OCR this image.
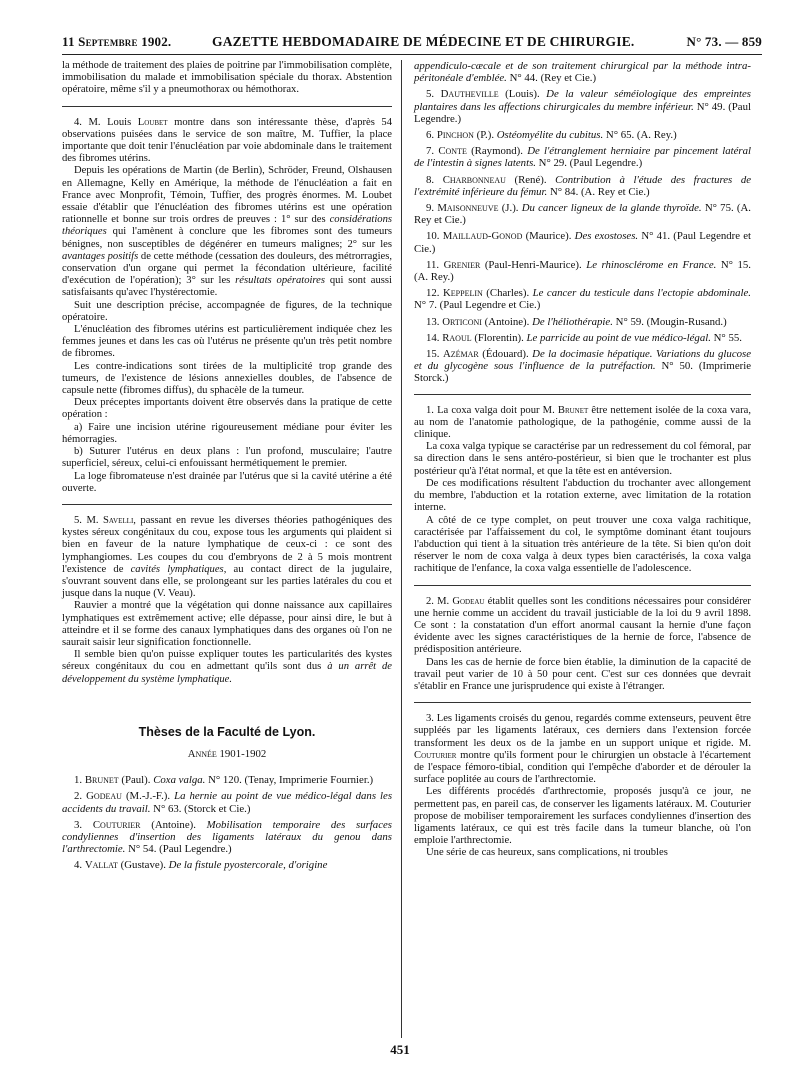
11 Septembre 1902.	GAZETTE HEBDOMADAIRE DE MÉDECINE ET DE CHIRURGIE.	N° 73. — 859

la méthode de traitement des plaies de poitrine par l'immobilisation complète, immobilisation du malade et immobilisation spéciale du thorax. Abstention opératoire, même s'il y a pneumothorax ou hémothorax.

4. M. Louis Loubet montre dans son intéressante thèse, d'après 54 observations puisées dans le service de son maître, M. Tuffier, la place importante que doit tenir l'énucléation par voie abdominale dans le traitement des fibromes utérins.

Depuis les opérations de Martin (de Berlin), Schröder, Freund, Olshausen en Allemagne, Kelly en Amérique, la méthode de l'énucléation a fait en France avec Monprofit, Témoin, Tuffier, des progrès énormes. M. Loubet essaie d'établir que l'énucléation des fibromes utérins est une opération rationnelle et bonne sur trois ordres de preuves : 1° sur des considérations théoriques qui l'amènent à conclure que les fibromes sont des tumeurs bénignes, non susceptibles de dégénérer en tumeurs malignes; 2° sur les avantages positifs de cette méthode (cessation des douleurs, des métrorragies, conservation d'un organe qui permet la fécondation ultérieure, facilité d'exécution de l'opération); 3° sur les résultats opératoires qui sont aussi satisfaisants qu'avec l'hystérectomie.

Suit une description précise, accompagnée de figures, de la technique opératoire.

L'énucléation des fibromes utérins est particulièrement indiquée chez les femmes jeunes et dans les cas où l'utérus ne présente qu'un très petit nombre de fibromes.

Les contre-indications sont tirées de la multiplicité trop grande des tumeurs, de l'existence de lésions annexielles doubles, de l'absence de capsule nette (fibromes diffus), du sphacèle de la tumeur.

Deux préceptes importants doivent être observés dans la pratique de cette opération :

a) Faire une incision utérine rigoureusement médiane pour éviter les hémorragies.

b) Suturer l'utérus en deux plans : l'un profond, musculaire; l'autre superficiel, séreux, celui-ci enfouissant hermétiquement le premier.

La loge fibromateuse n'est drainée par l'utérus que si la cavité utérine a été ouverte.

5. M. Savelli, passant en revue les diverses théories pathogéniques des kystes séreux congénitaux du cou, expose tous les arguments qui plaident si bien en faveur de la nature lymphatique de ceux-ci : ce sont des lymphangiomes. Les coupes du cou d'embryons de 2 à 5 mois montrent l'existence de cavités lymphatiques, au contact direct de la jugulaire, s'ouvrant souvent dans elle, se prolongeant sur les parties latérales du cou et jusque dans la nuque (V. Veau).

Rauvier a montré que la végétation qui donne naissance aux capillaires lymphatiques est extrêmement active; elle dépasse, pour ainsi dire, le but à atteindre et il se forme des canaux lymphatiques dans des organes où l'on ne saurait saisir leur signification fonctionnelle.

Il semble bien qu'on puisse expliquer toutes les particularités des kystes séreux congénitaux du cou en admettant qu'ils sont dus à un arrêt de développement du système lymphatique.

Thèses de la Faculté de Lyon.
Année 1901-1902

1. Brunet (Paul). Coxa valga. N° 120. (Tenay, Imprimerie Fournier.)

2. Godeau (M.-J.-F.). La hernie au point de vue médico-légal dans les accidents du travail. N° 63. (Storck et Cie.)

3. Couturier (Antoine). Mobilisation temporaire des surfaces condyliennes d'insertion des ligaments latéraux du genou dans l'arthrectomie. N° 54. (Paul Legendre.)

4. Vallat (Gustave). De la fistule pyostercorale, d'origine

appendiculo-cæcale et de son traitement chirurgical par la méthode intra-péritonéale d'emblée. N° 44. (Rey et Cie.)

5. Dautheville (Louis). De la valeur séméiologique des empreintes plantaires dans les affections chirurgicales du membre inférieur. N° 49. (Paul Legendre.)

6. Pinchon (P.). Ostéomyélite du cubitus. N° 65. (A. Rey.)

7. Conte (Raymond). De l'étranglement herniaire par pincement latéral de l'intestin à signes latents. N° 29. (Paul Legendre.)

8. Charbonneau (René). Contribution à l'étude des fractures de l'extrémité inférieure du fémur. N° 84. (A. Rey et Cie.)

9. Maisonneuve (J.). Du cancer ligneux de la glande thyroïde. N° 75. (A. Rey et Cie.)

10. Maillaud-Gonod (Maurice). Des exostoses. N° 41. (Paul Legendre et Cie.)

11. Grenier (Paul-Henri-Maurice). Le rhinosclérome en France. N° 15. (A. Rey.)

12. Keppelin (Charles). Le cancer du testicule dans l'ectopie abdominale. N° 7. (Paul Legendre et Cie.)

13. Orticoni (Antoine). De l'héliothérapie. N° 59. (Mougin-Rusand.)

14. Raoul (Florentin). Le parricide au point de vue médico-légal. N° 55.

15. Azémar (Édouard). De la docimasie hépatique. Variations du glucose et du glycogène sous l'influence de la putréfaction. N° 50. (Imprimerie Storck.)

1. La coxa valga doit pour M. Brunet être nettement isolée de la coxa vara, au nom de l'anatomie pathologique, de la pathogénie, comme aussi de la clinique.

La coxa valga typique se caractérise par un redressement du col fémoral, par sa direction dans le sens antéro-postérieur, si bien que le trochanter est plus postérieur qu'à l'état normal, et que la tête est en antéversion.

De ces modifications résultent l'abduction du trochanter avec allongement du membre, l'abduction et la rotation externe, avec limitation de la rotation interne.

A côté de ce type complet, on peut trouver une coxa valga rachitique, caractérisée par l'affaissement du col, le symptôme dominant étant toujours l'abduction qui tient à la situation très antérieure de la tête. Si bien qu'on doit réserver le nom de coxa valga à deux types bien caractérisés, la coxa valga rachitique de l'enfance, la coxa valga essentielle de l'adolescence.

2. M. Godeau établit quelles sont les conditions nécessaires pour considérer une hernie comme un accident du travail justiciable de la loi du 9 avril 1898. Ce sont : la constatation d'un effort anormal causant la hernie d'une façon évidente avec les signes caractéristiques de la hernie de force, l'absence de prédisposition antérieure.

Dans les cas de hernie de force bien établie, la diminution de la capacité de travail peut varier de 10 à 50 pour cent. C'est sur ces données que devrait s'établir en France une jurisprudence qui existe à l'étranger.

3. Les ligaments croisés du genou, regardés comme extenseurs, peuvent être suppléés par les ligaments latéraux, ces derniers dans l'extension forcée transforment les deux os de la jambe en un support unique et rigide. M. Couturier montre qu'ils forment pour le chirurgien un obstacle à l'écartement de l'espace fémoro-tibial, condition qui l'empêche d'aborder et de dérouler la surface poplitée au cours de l'arthrectomie.

Les différents procédés d'arthrectomie, proposés jusqu'à ce jour, ne permettent pas, en pareil cas, de conserver les ligaments latéraux. M. Couturier propose de mobiliser temporairement les surfaces condyliennes d'insertion des ligaments latéraux, ce qui est très facile dans la tumeur blanche, où l'on emploie l'arthrectomie.

Une série de cas heureux, sans complications, ni troubles

451
